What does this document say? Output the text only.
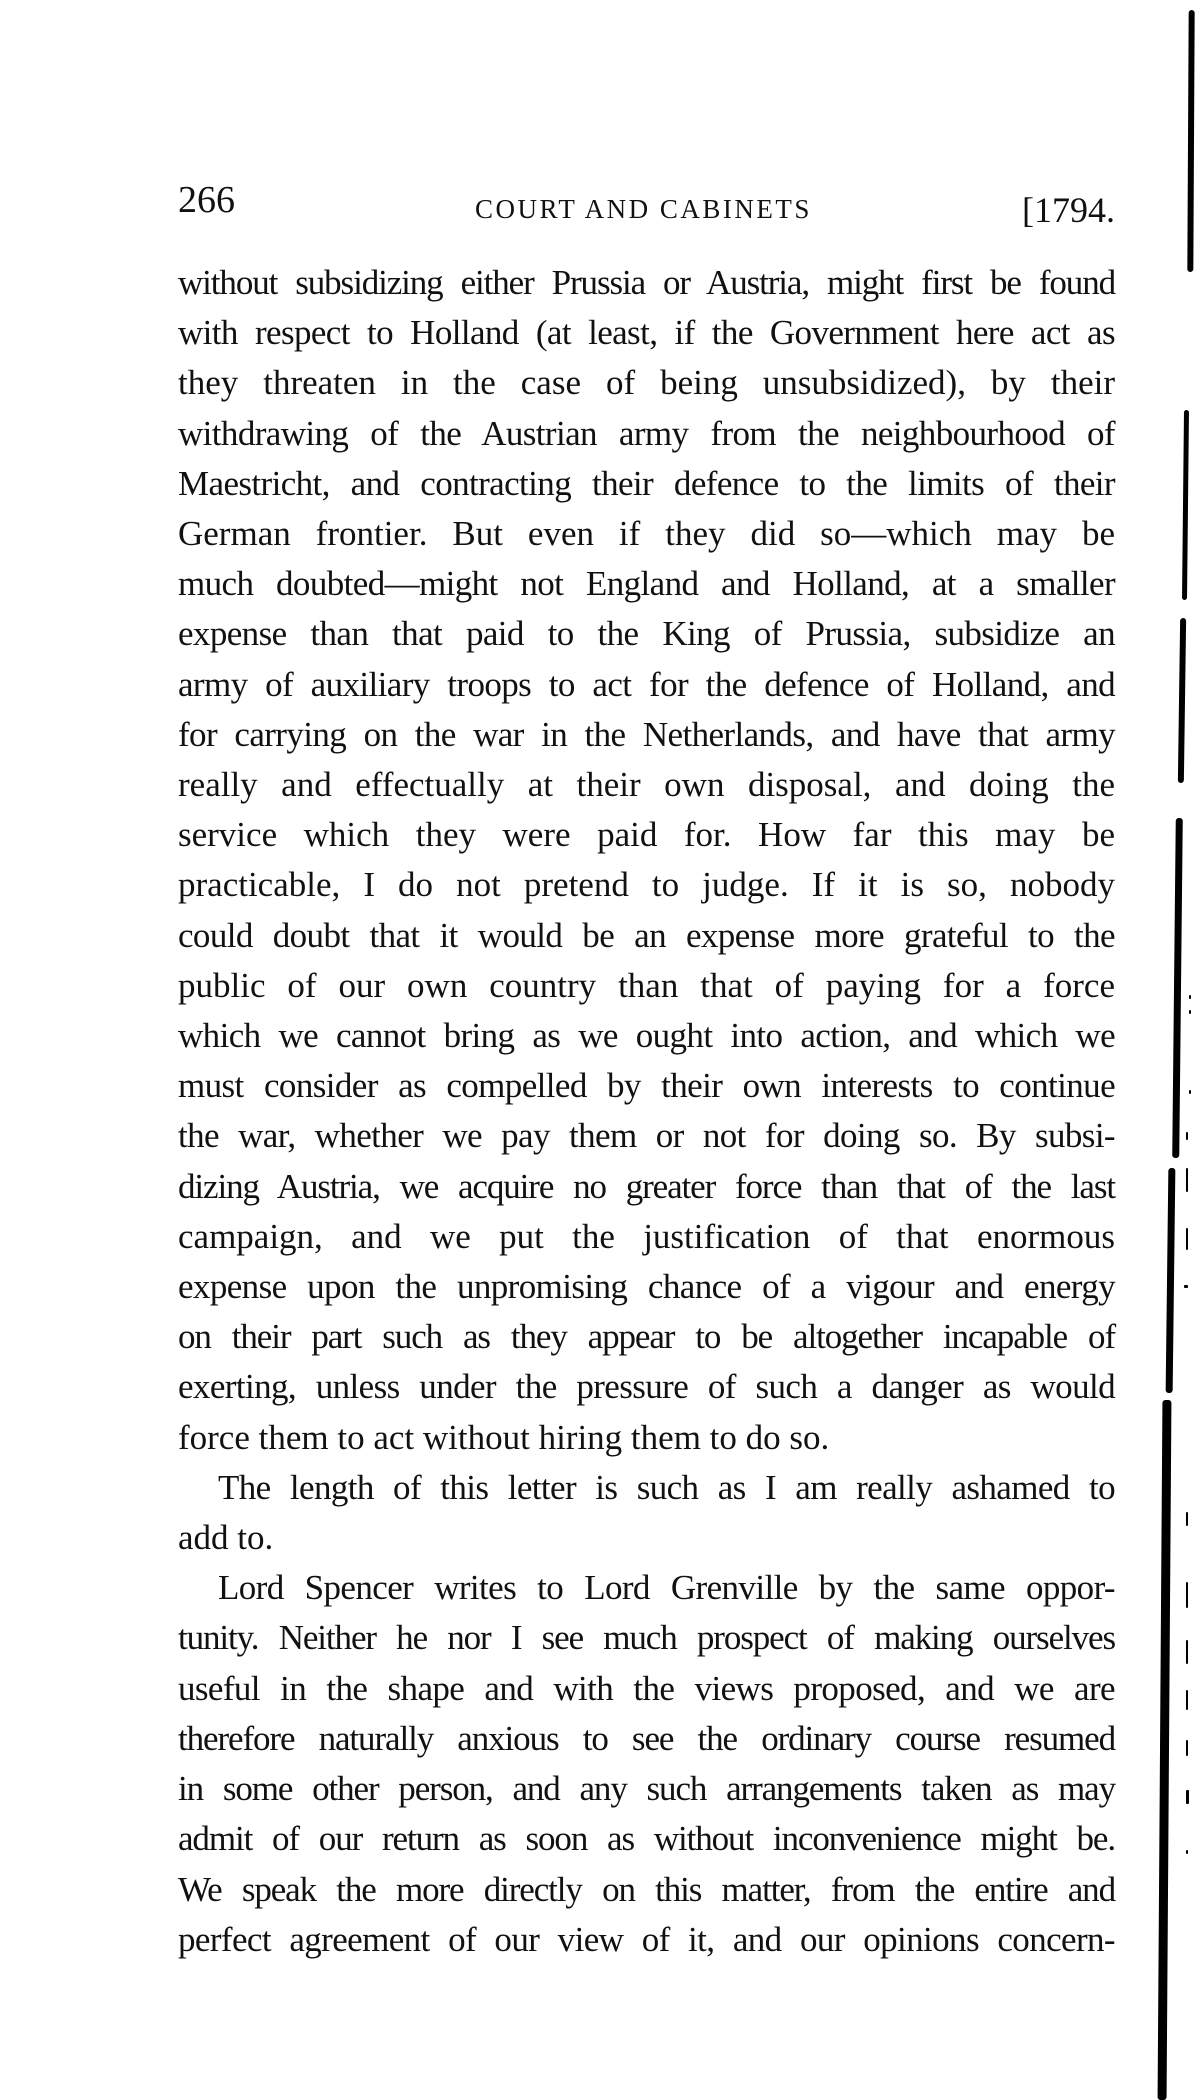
266	COURT AND CABINETS	[1794.

without subsidizing either Prussia or Austria, might first be found
with respect to Holland (at least, if the Government here act as
they threaten in the case of being unsubsidized), by their
withdrawing of the Austrian army from the neighbourhood of
Maestricht, and contracting their defence to the limits of their
German frontier. But even if they did so—which may be
much doubted—might not England and Holland, at a smaller
expense than that paid to the King of Prussia, subsidize an
army of auxiliary troops to act for the defence of Holland, and
for carrying on the war in the Netherlands, and have that army
really and effectually at their own disposal, and doing the
service which they were paid for. How far this may be
practicable, I do not pretend to judge. If it is so, nobody
could doubt that it would be an expense more grateful to the
public of our own country than that of paying for a force
which we cannot bring as we ought into action, and which we
must consider as compelled by their own interests to continue
the war, whether we pay them or not for doing so. By subsi-
dizing Austria, we acquire no greater force than that of the last
campaign, and we put the justification of that enormous
expense upon the unpromising chance of a vigour and energy
on their part such as they appear to be altogether incapable of
exerting, unless under the pressure of such a danger as would
force them to act without hiring them to do so.

The length of this letter is such as I am really ashamed to
add to.

Lord Spencer writes to Lord Grenville by the same oppor-
tunity. Neither he nor I see much prospect of making ourselves
useful in the shape and with the views proposed, and we are
therefore naturally anxious to see the ordinary course resumed
in some other person, and any such arrangements taken as may
admit of our return as soon as without inconvenience might be.
We speak the more directly on this matter, from the entire and
perfect agreement of our view of it, and our opinions concern-
